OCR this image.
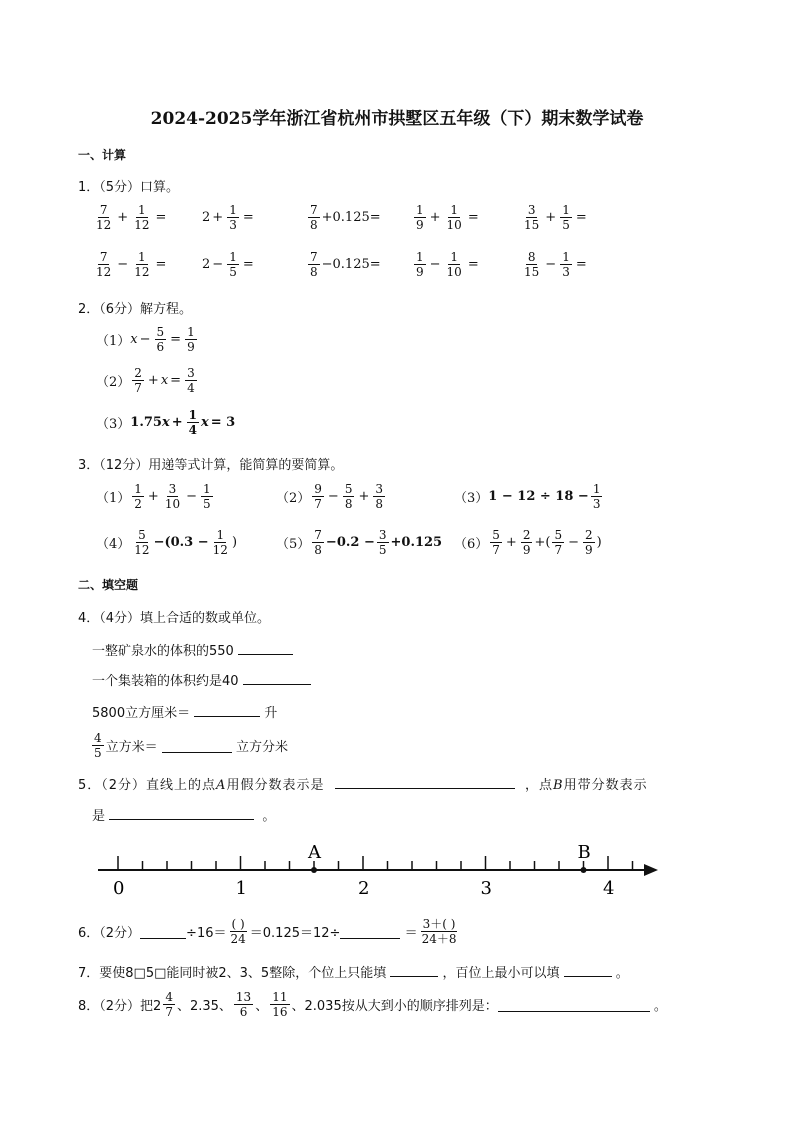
2024-2025学年浙江省杭州市拱墅区五年级（下）期末数学试卷
一、计算
1．（5分）口算。
$\frac{7}{12} + \frac{1}{12}$ =	$2 + \frac{1}{3}$ =	$\frac{7}{8} +0.125=$	$\frac{1}{9} + \frac{1}{10}$ =	$\frac{3}{15} + \frac{1}{5}$ =
$\frac{7}{12} - \frac{1}{12}$ =	$2 - \frac{1}{5}$ =	$\frac{7}{8} -0.125=$	$\frac{1}{9} - \frac{1}{10}$ =	$\frac{8}{15} - \frac{1}{3}$ =
2．（6分）解方程。
（1） $x - \frac{5}{6} = \frac{1}{9}$
$(2) \frac{2}{7} + x = \frac{3}{4}$
（3） 1.75 $x + \frac{1}{4}$ x = 3
3．（12分）用递等式计算，能简算的要简算。
$(1) \frac{1}{2} + \frac{3}{10} - \frac{1}{5}$	$(2) \frac{9}{7} - \frac{5}{8} + \frac{3}{8}$	（3） $1 - 12 \div 18 - \frac{1}{3}$
$(4) \frac{5}{12} -(0.3 - \frac{1}{12}$ )	$(5) \frac{7}{8} -0.2 - \frac{3}{5} +0.125$ $(6) \frac{5}{7} + \frac{2}{9}$ +( $\frac{5}{7} - \frac{2}{9}$ )
二、填空题
4．（4分）填上合适的数或单位。
一整矿泉水的体积的550
一个集装箱的体积约是40
5800立方厘米＝	升
$\frac{4}{5}$ 立方米＝

	立方分米
5．（2分）直线上的点A用假分数表示是	，点B用带分数表示
是	。
0	1	2	3	4
A	B
6．（2分）	$\div 16= \frac{( )}{24} =0.125=12\div$
	＝ $\frac{3+( )}{24+8}$
7．要使8□5□能同时被2、3、5整除，个位上只能填	，百位上最小可以填	。
8．（2分）把$2 \frac{4}{7}$ 、2.35、 $\frac{13}{6}$ 、 $\frac{11}{16}$ 、2.035按从大到小的顺序排列是：
	。
